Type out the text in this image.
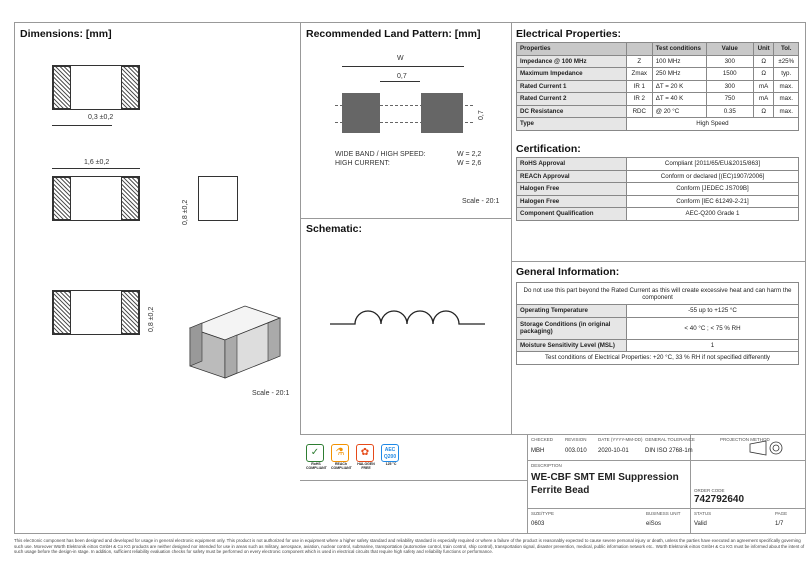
Dimensions: [mm]
0,3 ±0,2
1,6 ±0,2
0,8 ±0,2
0,8 ±0,2
Scale - 20:1
Recommended Land Pattern: [mm]
W
0,7
0,7
WIDE BAND / HIGH SPEED:
HIGH CURRENT:
W = 2,2
W = 2,6
Scale - 20:1
Schematic:
Electrical Properties:
Properties		Test conditions	Value	Unit	Tol.
Impedance @ 100 MHz	Z	100 MHz	300	Ω	±25%
Maximum Impedance	Zmax	250 MHz	1500	Ω	typ.
Rated Current 1	IR 1	ΔT = 20 K	300	mA	max.
Rated Current 2	IR 2	ΔT = 40 K	750	mA	max.
DC Resistance	RDC	@ 20 °C	0.35	Ω	max.
Type	High Speed				
Certification:
RoHS Approval	Compliant [2011/65/EU&2015/863]
REACh Approval	Conform or declared [(EC)1907/2006]
Halogen Free	Conform [JEDEC JS709B]
Halogen Free	Conform [IEC 61249-2-21]
Component Qualification	AEC-Q200 Grade 1
General Information:
Do not use this part beyond the Rated Current as this will create excessive heat and can harm the component	
Operating Temperature	-55 up to +125 °C
Storage Conditions (in original packaging)	< 40 °C ; < 75 % RH
Moisture Sensitivity Level (MSL)	1
Test conditions of Electrical Properties: +20 °C, 33 % RH if not specified differently	
✓
RoHS COMPLIANT
⚗
REACh COMPLIANT
✿
HALOGEN FREE
AEC Q200
125 °C
CHECKED
MBH
REVISION
003.010
DATE (YYYY-MM-DD)
2020-10-01
GENERAL TOLERANCE
DIN ISO 2768-1m
PROJECTION METHOD
DESCRIPTION
WE-CBF SMT EMI Suppression
Ferrite Bead	ORDER CODE
742792640
SIZE/TYPE
0603
BUSINESS UNIT
eiSos
STATUS
Valid
PAGE
1/7
This electronic component has been designed and developed for usage in general electronic equipment only. This product is not authorized for use in equipment where a higher safety standard and reliability standard is especially required or where a failure of the product is reasonably expected to cause severe personal injury or death, unless the parties have executed an agreement specifically governing such use. Moreover Würth Elektronik eiSos GmbH & Co KG products are neither designed nor intended for use in areas such as military, aerospace, aviation, nuclear control, submarine, transportation (automotive control, train control, ship control), transportation signal, disaster prevention, medical, public information network etc.. Würth Elektronik eiSos GmbH & Co KG must be informed about the intent of such usage before the design-in stage. In addition, sufficient reliability evaluation checks for safety must be performed on every electronic component which is used in electrical circuits that require high safety and reliability functions or performance.
